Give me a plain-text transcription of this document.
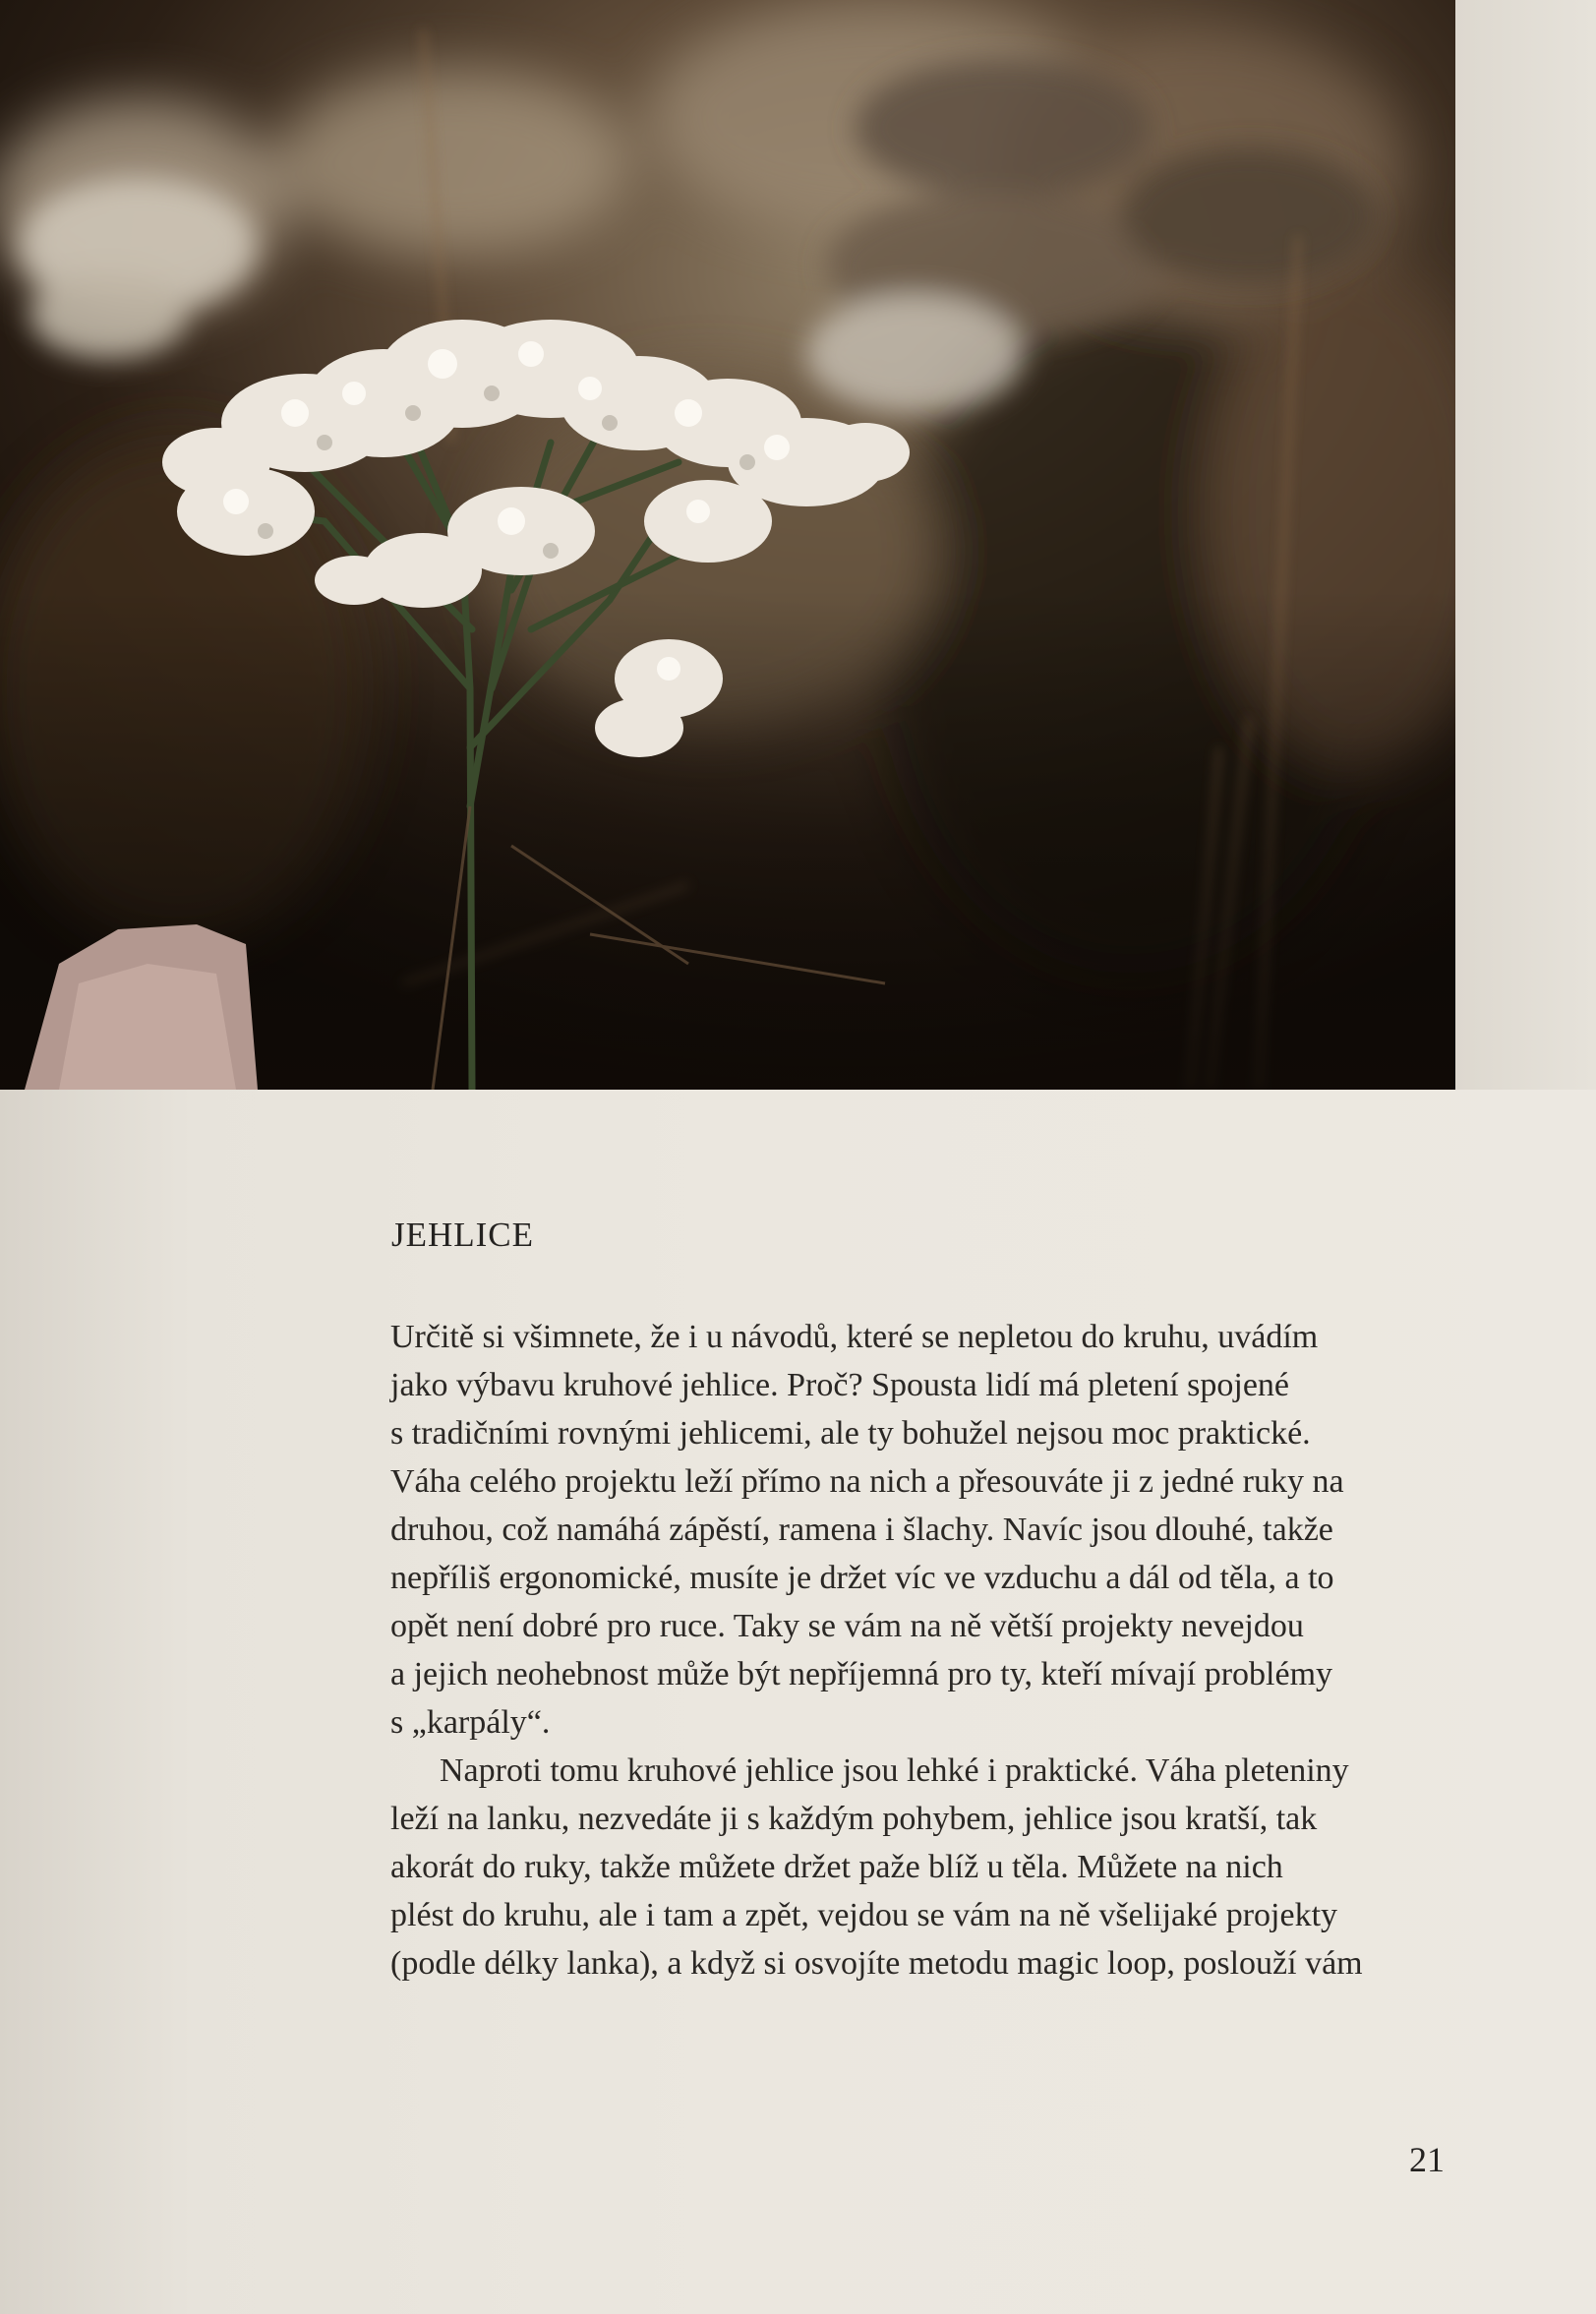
JEHLICE

Určitě si všimnete, že i u návodů, které se nepletou do kruhu, uvádím
jako výbavu kruhové jehlice. Proč? Spousta lidí má pletení spojené
s tradičními rovnými jehlicemi, ale ty bohužel nejsou moc praktické.
Váha celého projektu leží přímo na nich a přesouváte ji z jedné ruky na
druhou, což namáhá zápěstí, ramena i šlachy. Navíc jsou dlouhé, takže
nepříliš ergonomické, musíte je držet víc ve vzduchu a dál od těla, a to
opět není dobré pro ruce. Taky se vám na ně větší projekty nevejdou
a jejich neohebnost může být nepříjemná pro ty, kteří mívají problémy
s „karpály“.

Naproti tomu kruhové jehlice jsou lehké i praktické. Váha pleteniny
leží na lanku, nezvedáte ji s každým pohybem, jehlice jsou kratší, tak
akorát do ruky, takže můžete držet paže blíž u těla. Můžete na nich
plést do kruhu, ale i tam a zpět, vejdou se vám na ně všelijaké projekty
(podle délky lanka), a když si osvojíte metodu magic loop, poslouží vám

21
